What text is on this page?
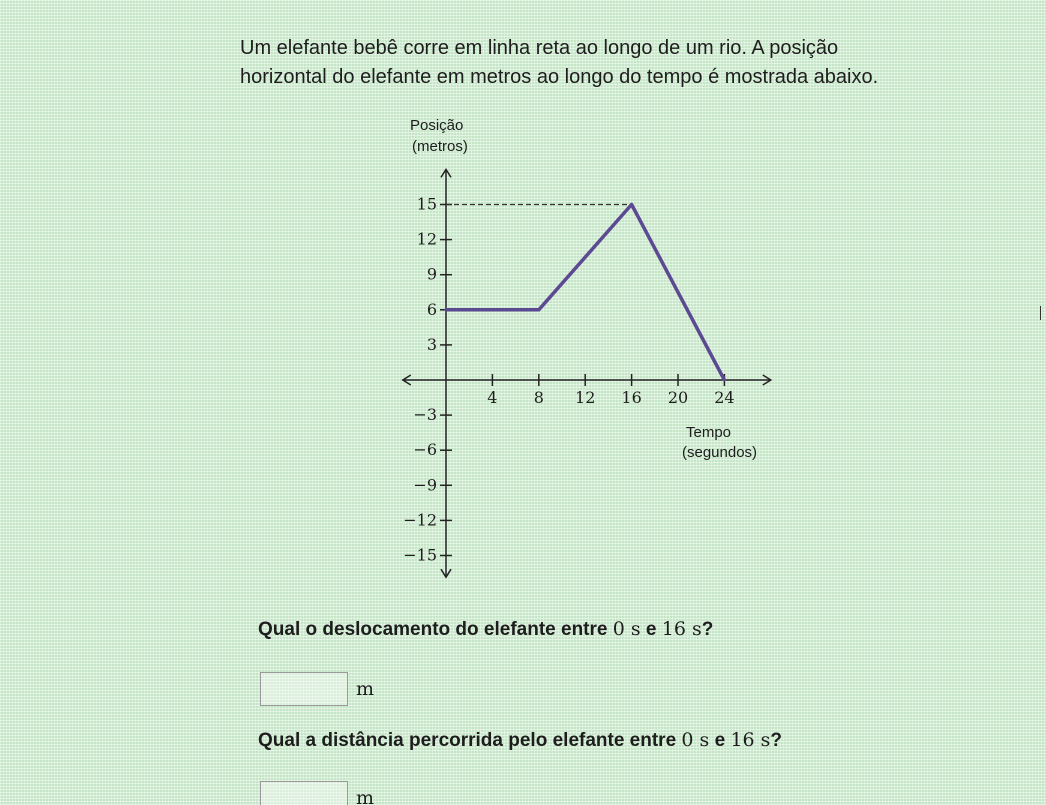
Um elefante bebê corre em linha reta ao longo de um rio. A posição
horizontal do elefante em metros ao longo do tempo é mostrada abaixo.
Posição
(metros)
Tempo
(segundos)
4 8 12 16 20 24
15
12
9
6
3
−3
−6
−9
−12
−15
Qual o deslocamento do elefante entre 0 s e 16 s?
m
Qual a distância percorrida pelo elefante entre 0 s e 16 s?
m
